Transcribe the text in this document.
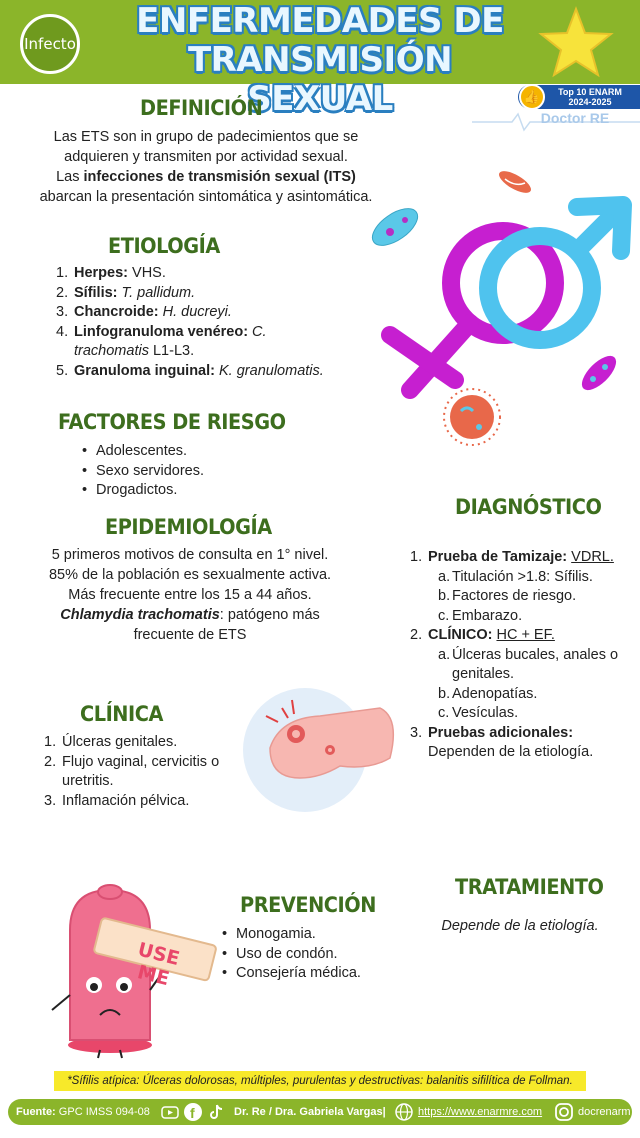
Infecto
ENFERMEDADES DE
TRANSMISIÓN SEXUAL	Top 10 ENARM
2024-2025
👍
Doctor RE
DEFINICIÓN
Las ETS son in grupo de padecimientos que se
adquieren y transmiten por actividad sexual.
Las infecciones de transmisión sexual (ITS)
abarcan la presentación sintomática y asintomática.
ETIOLOGÍA
1. Herpes: VHS.
2. Sífilis: T. pallidum.
3. Chancroide: H. ducreyi.
4. Linfogranuloma venéreo: C. trachomatis L1-L3.
5. Granuloma inguinal: K. granulomatis.
FACTORES DE RIESGO
• Adolescentes.
• Sexo servidores.
• Drogadictos.
EPIDEMIOLOGÍA
5 primeros motivos de consulta en 1° nivel.
85% de la población es sexualmente activa.
Más frecuente entre los 15 a 44 años.
Chlamydia trachomatis: patógeno más
frecuente de ETS
DIAGNÓSTICO
1. Prueba de Tamizaje: VDRL.
a. Titulación >1.8: Sífilis.
b. Factores de riesgo.
c. Embarazo.
2. CLÍNICO: HC + EF.
a. Úlceras bucales, anales o genitales.
b. Adenopatías.
c. Vesículas.
3. Pruebas adicionales:
Dependen de la etiología.
CLÍNICA
1. Úlceras genitales.
2. Flujo vaginal, cervicitis o uretritis.
3. Inflamación pélvica.
TRATAMIENTO
Depende de la etiología.
PREVENCIÓN
• Monogamia.
• Uso de condón.
• Consejería médica.
USE ME
*Sífilis atípica: Úlceras dolorosas, múltiples, purulentas y destructivas: balanitis sifilítica de Follman.
Fuente: GPC IMSS 094-08	f	Dr. Re / Dra. Gabriela Vargas|	https://www.enarmre.com	docrenarm
